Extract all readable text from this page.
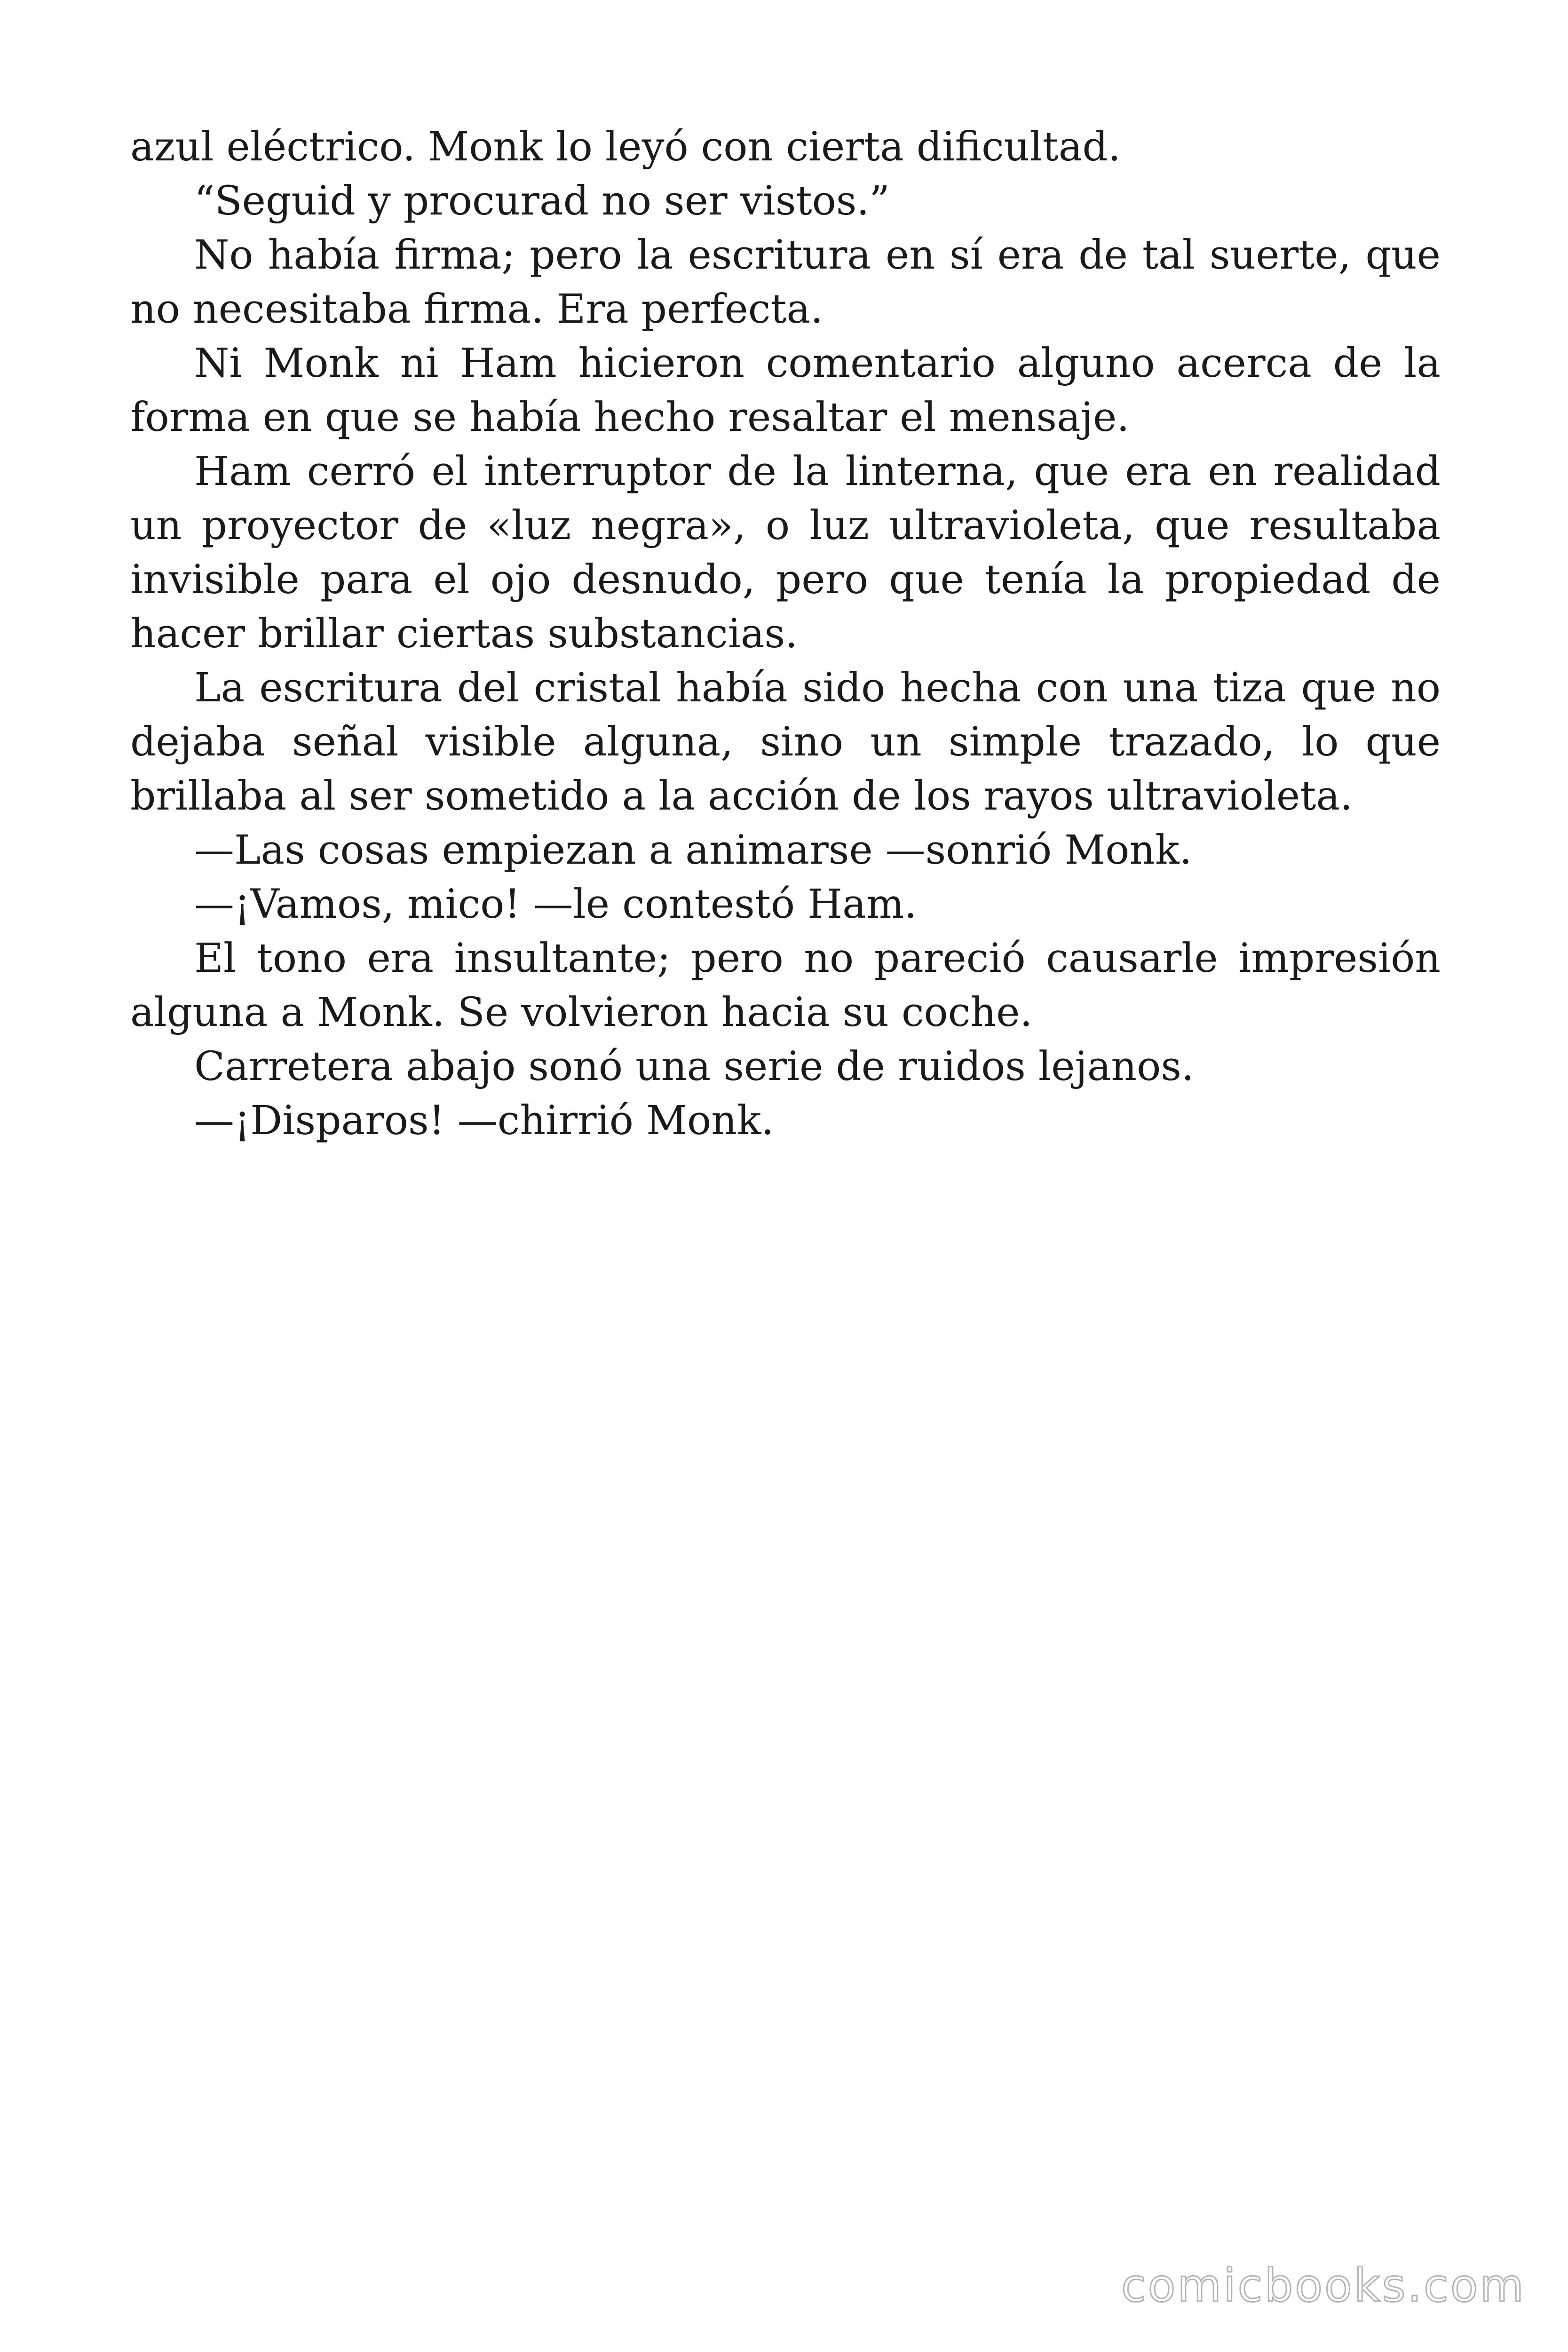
azul eléctrico. Monk lo leyó con cierta dificultad.

“Seguid y procurad no ser vistos.”

No había firma; pero la escritura en sí era de tal suerte, que no necesitaba firma. Era perfecta.

Ni Monk ni Ham hicieron comentario alguno acerca de la forma en que se había hecho resaltar el mensaje.

Ham cerró el interruptor de la linterna, que era en realidad un proyector de «luz negra», o luz ultravioleta, que resultaba invisible para el ojo desnudo, pero que tenía la propiedad de hacer brillar ciertas substancias.

La escritura del cristal había sido hecha con una tiza que no dejaba señal visible alguna, sino un simple trazado, lo que brillaba al ser sometido a la acción de los rayos ultravioleta.

—Las cosas empiezan a animarse —sonrió Monk.

—¡Vamos, mico! —le contestó Ham.

El tono era insultante; pero no pareció causarle impresión alguna a Monk. Se volvieron hacia su coche.

Carretera abajo sonó una serie de ruidos lejanos.

—¡Disparos! —chirrió Monk.

comicbooks.com
